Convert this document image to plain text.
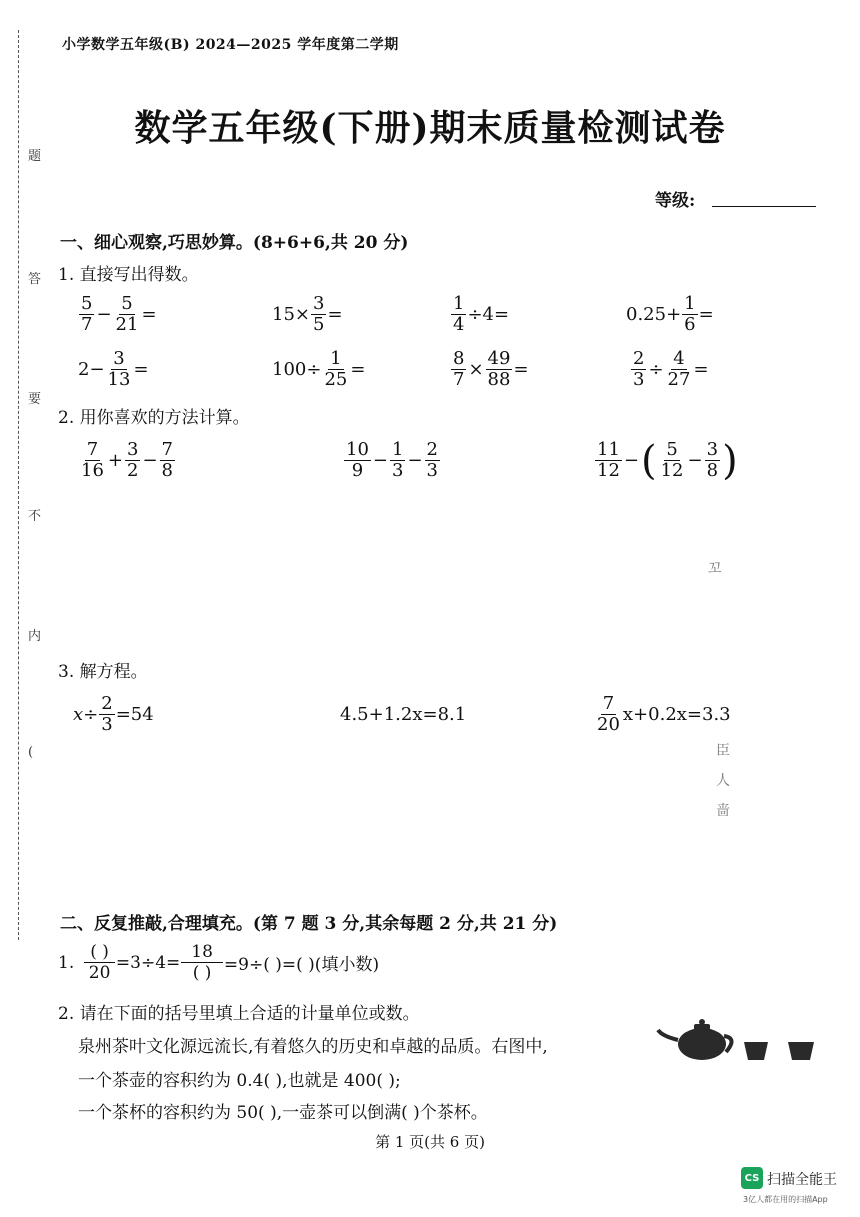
题
答
要
不
内
(
小学数学五年级(B) 2024—2025 学年度第二学期
数学五年级(下册)期末质量检测试卷
等级:
一、细心观察,巧思妙算。(8+6+6,共 20 分)
1. 直接写出得数。
$\frac{5}{7} - \frac{5}{21}$ =	$15\times \frac{3}{5}$ =	$\frac{1}{4} \div 4=$	$0.25+ \frac{1}{6}$ =
$2- \frac{3}{13}$ =	$100\div \frac{1}{25}$ =	$\frac{8}{7} \times \frac{49}{88}$ =	$\frac{2}{3} \div \frac{4}{27}$ =
2. 用你喜欢的方法计算。
$\frac{7}{16} + \frac{3}{2} - \frac{7}{8}$	$\frac{10}{9} - \frac{1}{3} - \frac{2}{3}$	$\frac{11}{12}$ − ( $\frac{5}{12} - \frac{3}{8}$ )
꼬
3. 解方程。
$x\div \frac{2}{3} =54$	4.5+1.2x=8.1	$\frac{7}{20} x+0.2x=3.3$
臣
人
啬
二、反复推敲,合理填充。(第 7 题 3 分,其余每题 2 分,共 21 分)
1. $\frac{( )}{20} =3\div 4= \frac{18}{( )} =9\div$( )=( )(填小数)
2. 请在下面的括号里填上合适的计量单位或数。
泉州茶叶文化源远流长,有着悠久的历史和卓越的品质。右图中,
一个茶壶的容积约为 0.4( ),也就是 400( );
一个茶杯的容积约为 50( ),一壶茶可以倒满( )个茶杯。
第 1 页(共 6 页)
CS 扫描全能王
3亿人都在用的扫描App
